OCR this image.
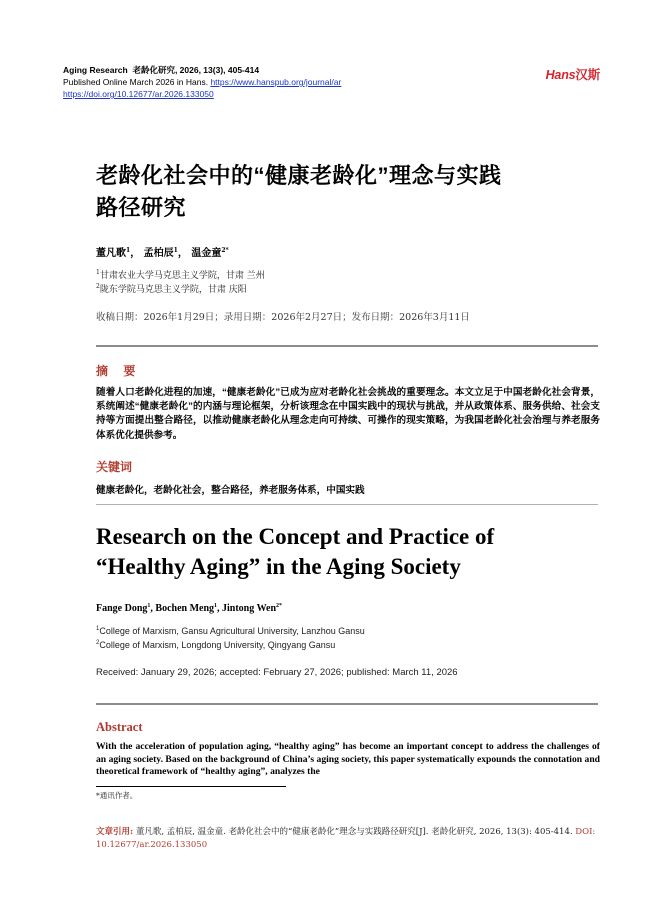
Aging Research 老龄化研究, 2026, 13(3), 405-414
Published Online March 2026 in Hans. https://www.hanspub.org/journal/ar
https://doi.org/10.12677/ar.2026.133050
Hans汉斯
老龄化社会中的“健康老龄化”理念与实践
路径研究
董凡歌$^1$， 孟柏辰$^1$， 温金童$^{2*}$
$^1$甘肃农业大学马克思主义学院，甘肃 兰州
$^2$陇东学院马克思主义学院，甘肃 庆阳
收稿日期：2026年1月29日；录用日期：2026年2月27日；发布日期：2026年3月11日
摘 要
随着人口老龄化进程的加速，“健康老龄化”已成为应对老龄化社会挑战的重要理念。本文立足于中国老龄化社会背景，系统阐述“健康老龄化”的内涵与理论框架，分析该理念在中国实践中的现状与挑战，并从政策体系、服务供给、社会支持等方面提出整合路径，以推动健康老龄化从理念走向可持续、可操作的现实策略，为我国老龄化社会治理与养老服务体系优化提供参考。
关键词
健康老龄化，老龄化社会，整合路径，养老服务体系，中国实践
Research on the Concept and Practice of
“Healthy Aging” in the Aging Society
Fange Dong$^1$, Bochen Meng$^1$, Jintong Wen$^{2*}$
$^1$College of Marxism, Gansu Agricultural University, Lanzhou Gansu
$^2$College of Marxism, Longdong University, Qingyang Gansu
Received: January 29, 2026; accepted: February 27, 2026; published: March 11, 2026
Abstract
With the acceleration of population aging, “healthy aging” has become an important concept to address the challenges of an aging society. Based on the background of China’s aging society, this paper systematically expounds the connotation and theoretical framework of “healthy aging”, analyzes the
*通讯作者。
文章引用: 董凡歌, 孟柏辰, 温金童. 老龄化社会中的“健康老龄化”理念与实践路径研究[J]. 老龄化研究, 2026, 13(3): 405-414. DOI: 10.12677/ar.2026.133050
